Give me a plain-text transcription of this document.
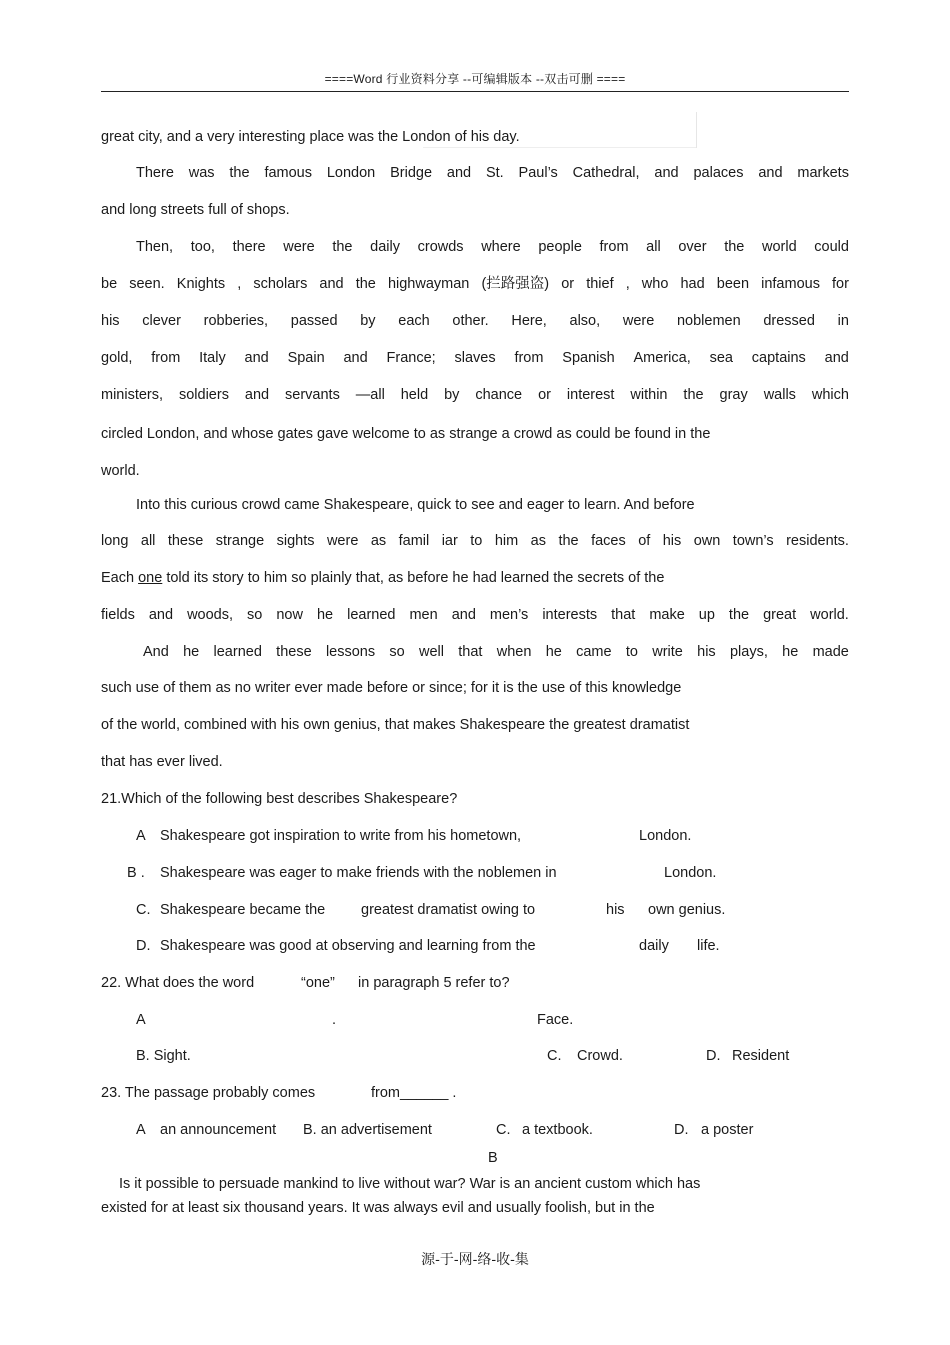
====Word 行业资料分享 --可编辑版本 --双击可删 ====
great city, and a very interesting place was the London of his day.
There was the famous London Bridge and St. Paul’s Cathedral, and palaces and markets
and long streets full of shops.
Then, too, there were the daily crowds where people from all over the world could
be seen. Knights , scholars and the highwayman (拦路强盗) or thief , who had been infamous for
his clever robberies, passed by each other. Here, also, were noblemen dressed in
gold, from Italy and Spain and France; slaves from Spanish America, sea captains and
ministers, soldiers and servants —all held by chance or interest within the gray walls which
circled London, and whose gates gave welcome to as strange a crowd as could be found in the
world.
Into this curious crowd came Shakespeare, quick to see and eager to learn. And before
long all these strange sights were as famil iar to him as the faces of his own town’s residents.
Each one told its story to him so plainly that, as before he had learned the secrets of the
fields and woods, so now he learned men and men’s interests that make up the great world.
And he learned these lessons so well that when he came to write his plays, he made
such use of them as no writer ever made before or since; for it is the use of this knowledge
of the world, combined with his own genius, that makes Shakespeare the greatest dramatist
that has ever lived.
21.Which of the following best describes Shakespeare?
A Shakespeare got inspiration to write from his hometown,	London.
B . Shakespeare was eager to make friends with the noblemen in	London.
C. Shakespeare became the greatest dramatist owing to	his own genius.
D. Shakespeare was good at observing and learning from the	daily life.
22. What does the word	“one” in paragraph 5 refer to?
A	.	Face.
B. Sight.	C. Crowd.	D. Resident
23. The passage probably comes	from______ .
A an announcement B. an advertisement	C. a textbook.	D. a poster
B
Is it possible to persuade mankind to live without war? War is an ancient custom which has
existed for at least six thousand years. It was always evil and usually foolish, but in the
源-于-网-络-收-集
